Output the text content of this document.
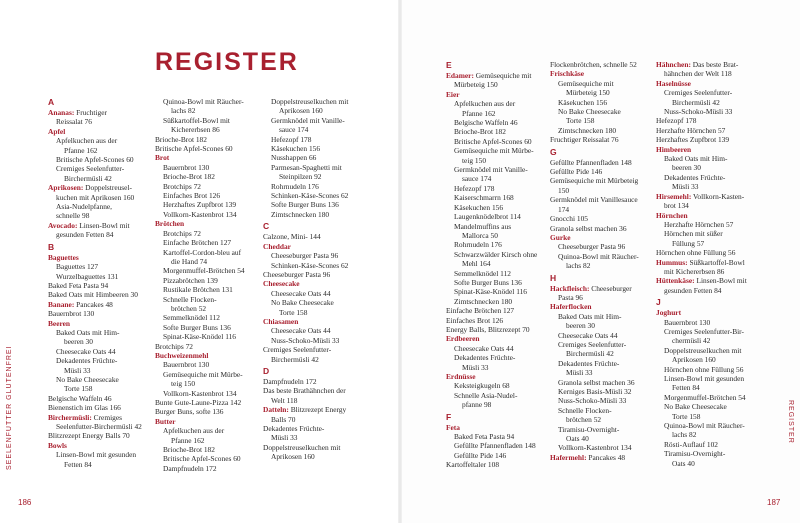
REGISTER

A

Ananas: Fruchtiger

Reissalat 76

Apfel

Apfelkuchen aus der

Pfanne 162

Britische Apfel-Scones 60

Cremiges Seelenfutter-

Birchermüsli 42

Aprikosen: Doppelstreusel-

kuchen mit Aprikosen 160

Asia-Nudelpfanne,

schnelle 98

Avocado: Linsen-Bowl mit

gesunden Fetten 84

B

Baguettes

Baguettes 127

Wurzelbaguettes 131

Baked Feta Pasta 94

Baked Oats mit Himbeeren 30

Banane: Pancakes 48

Bauernbrot 130

Beeren

Baked Oats mit Him-

beeren 30

Cheesecake Oats 44

Dekadentes Früchte-

Müsli 33

No Bake Cheesecake

Torte 158

Belgische Waffeln 46

Bienenstich im Glas 166

Birchermüsli: Cremiges

Seelenfutter-Birchermüsli 42

Blitzrezept Energy Balls 70

Bowls

Linsen-Bowl mit gesunden

Fetten 84

Quinoa-Bowl mit Räucher-

lachs 82

Süßkartoffel-Bowl mit

Kichererbsen 86

Brioche-Brot 182

Britische Apfel-Scones 60

Brot

Bauernbrot 130

Brioche-Brot 182

Brotchips 72

Einfaches Brot 126

Herzhaftes Zupfbrot 139

Vollkorn-Kastenbrot 134

Brötchen

Brotchips 72

Einfache Brötchen 127

Kartoffel-Cordon-bleu auf

die Hand 74

Morgenmuffel-Brötchen 54

Pizzabrötchen 139

Rustikale Brötchen 131

Schnelle Flocken-

brötchen 52

Semmelknödel 112

Softe Burger Buns 136

Spinat-Käse-Knödel 116

Brotchips 72

Buchweizenmehl

Bauernbrot 130

Gemüsequiche mit Mürbe-

teig 150

Vollkorn-Kastenbrot 134

Bunte Gute-Laune-Pizza 142

Burger Buns, softe 136

Butter

Apfelkuchen aus der

Pfanne 162

Brioche-Brot 182

Britische Apfel-Scones 60

Dampfnudeln 172

Doppelstreuselkuchen mit

Aprikosen 160

Germknödel mit Vanille-

sauce 174

Hefezopf 178

Käsekuchen 156

Nusshappen 66

Parmesan-Spaghetti mit

Steinpilzen 92

Rohrnudeln 176

Schinken-Käse-Scones 62

Softe Burger Buns 136

Zimtschnecken 180

C

Calzone, Mini- 144

Cheddar

Cheeseburger Pasta 96

Schinken-Käse-Scones 62

Cheeseburger Pasta 96

Cheesecake

Cheesecake Oats 44

No Bake Cheesecake

Torte 158

Chiasamen

Cheesecake Oats 44

Nuss-Schoko-Müsli 33

Cremiges Seelenfutter-

Birchermüsli 42

D

Dampfnudeln 172

Das beste Brathähnchen der

Welt 118

Datteln: Blitzrezept Energy

Balls 70

Dekadentes Früchte-

Müsli 33

Doppelstreuselkuchen mit

Aprikosen 160

E

Edamer: Gemüsequiche mit

Mürbeteig 150

Eier

Apfelkuchen aus der

Pfanne 162

Belgische Waffeln 46

Brioche-Brot 182

Britische Apfel-Scones 60

Gemüsequiche mit Mürbe-

teig 150

Germknödel mit Vanille-

sauce 174

Hefezopf 178

Kaiserschmarrn 168

Käsekuchen 156

Laugenknödelbrot 114

Mandelmuffins aus

Mallorca 50

Rohrnudeln 176

Schwarzwälder Kirsch ohne

Mehl 164

Semmelknödel 112

Softe Burger Buns 136

Spinat-Käse-Knödel 116

Zimtschnecken 180

Einfache Brötchen 127

Einfaches Brot 126

Energy Balls, Blitzrezept 70

Erdbeeren

Cheesecake Oats 44

Dekadentes Früchte-

Müsli 33

Erdnüsse

Keksteigkugeln 68

Schnelle Asia-Nudel-

pfanne 98

F

Feta

Baked Feta Pasta 94

Gefüllte Pfannenfladen 148

Gefüllte Pide 146

Kartoffeltaler 108

Flockenbrötchen, schnelle 52

Frischkäse

Gemüsequiche mit

Mürbeteig 150

Käsekuchen 156

No Bake Cheesecake

Torte 158

Zimtschnecken 180

Fruchtiger Reissalat 76

G

Gefüllte Pfannenfladen 148

Gefüllte Pide 146

Gemüsequiche mit Mürbeteig

150

Germknödel mit Vanillesauce

174

Gnocchi 105

Granola selbst machen 36

Gurke

Cheeseburger Pasta 96

Quinoa-Bowl mit Räucher-

lachs 82

H

Hackfleisch: Cheeseburger

Pasta 96

Haferflocken

Baked Oats mit Him-

beeren 30

Cheesecake Oats 44

Cremiges Seelenfutter-

Birchermüsli 42

Dekadentes Früchte-

Müsli 33

Granola selbst machen 36

Kerniges Basis-Müsli 32

Nuss-Schoko-Müsli 33

Schnelle Flocken-

brötchen 52

Tiramisu-Overnight-

Oats 40

Vollkorn-Kastenbrot 134

Hafermehl: Pancakes 48

Hähnchen: Das beste Brat-

hähnchen der Welt 118

Haselnüsse

Cremiges Seelenfutter-

Birchermüsli 42

Nuss-Schoko-Müsli 33

Hefezopf 178

Herzhafte Hörnchen 57

Herzhaftes Zupfbrot 139

Himbeeren

Baked Oats mit Him-

beeren 30

Dekadentes Früchte-

Müsli 33

Hirsemehl: Vollkorn-Kasten-

brot 134

Hörnchen

Herzhafte Hörnchen 57

Hörnchen mit süßer

Füllung 57

Hörnchen ohne Füllung 56

Hummus: Süßkartoffel-Bowl

mit Kichererbsen 86

Hüttenkäse: Linsen-Bowl mit

gesunden Fetten 84

J

Joghurt

Bauernbrot 130

Cremiges Seelenfutter-Bir-

chermüsli 42

Doppelstreuselkuchen mit

Aprikosen 160

Hörnchen ohne Füllung 56

Linsen-Bowl mit gesunden

Fetten 84

Morgenmuffel-Brötchen 54

No Bake Cheesecake

Torte 158

Quinoa-Bowl mit Räucher-

lachs 82

Rösti-Auflauf 102

Tiramisu-Overnight-

Oats 40

SEELENFUTTER GLUTENFREI	REGISTER
186	187
